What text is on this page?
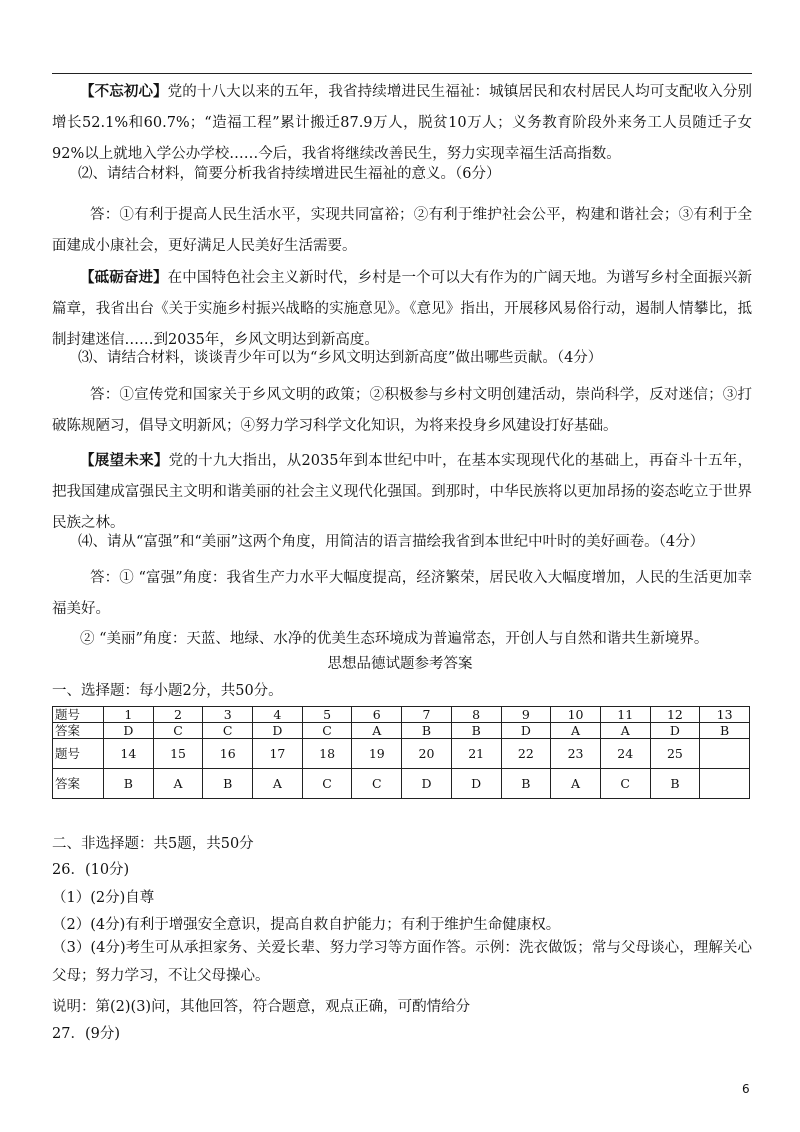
【不忘初心】党的十八大以来的五年，我省持续增进民生福祉：城镇居民和农村居民人均可支配收入分别增长52.1%和60.7%；“造福工程”累计搬迁87.9万人，脱贫10万人；义务教育阶段外来务工人员随迁子女92%以上就地入学公办学校……今后，我省将继续改善民生，努力实现幸福生活高指数。
⑵、请结合材料，简要分析我省持续增进民生福祉的意义。（6分）
答：①有利于提高人民生活水平，实现共同富裕；②有利于维护社会公平，构建和谐社会；③有利于全面建成小康社会，更好满足人民美好生活需要。
【砥砺奋进】在中国特色社会主义新时代，乡村是一个可以大有作为的广阔天地。为谱写乡村全面振兴新篇章，我省出台《关于实施乡村振兴战略的实施意见》。《意见》指出，开展移风易俗行动，遏制人情攀比，抵制封建迷信……到2035年，乡风文明达到新高度。
⑶、请结合材料，谈谈青少年可以为“乡风文明达到新高度”做出哪些贡献。（4分）
答：①宣传党和国家关于乡风文明的政策；②积极参与乡村文明创建活动，崇尚科学，反对迷信；③打破陈规陋习，倡导文明新风；④努力学习科学文化知识，为将来投身乡风建设打好基础。
【展望未来】党的十九大指出，从2035年到本世纪中叶，在基本实现现代化的基础上，再奋斗十五年，把我国建成富强民主文明和谐美丽的社会主义现代化强国。到那时，中华民族将以更加昂扬的姿态屹立于世界民族之林。
⑷、请从“富强”和“美丽”这两个角度，用简洁的语言描绘我省到本世纪中叶时的美好画卷。（4分）
答：① “富强”角度：我省生产力水平大幅度提高，经济繁荣，居民收入大幅度增加，人民的生活更加幸福美好。
② “美丽”角度：天蓝、地绿、水净的优美生态环境成为普遍常态，开创人与自然和谐共生新境界。
思想品德试题参考答案
一、选择题：每小题2分，共50分。
题号	1	2	3	4	5	6	7	8	9	10	11	12	13
答案	D	C	C	D	C	A	B	B	D	A	A	D	B
题号	14	15	16	17	18	19	20	21	22	23	24	25	
答案	B	A	B	A	C	C	D	D	B	A	C	B	
二、非选择题：共5题，共50分
26．(10分)
（1）(2分)自尊
（2）(4分)有利于增强安全意识，提高自救自护能力；有利于维护生命健康权。
（3）(4分)考生可从承担家务、关爱长辈、努力学习等方面作答。示例：洗衣做饭；常与父母谈心，理解关心父母；努力学习，不让父母操心。
说明：第(2)(3)问，其他回答，符合题意，观点正确，可酌情给分
27．(9分)
6
